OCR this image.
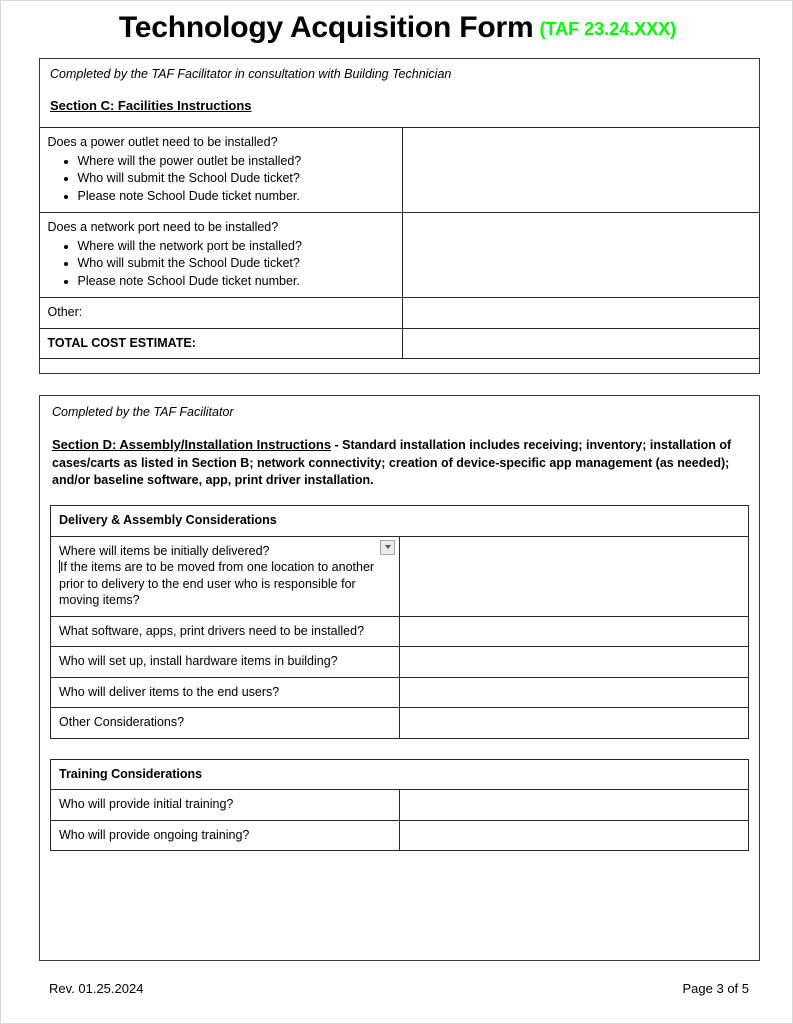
Technology Acquisition Form (TAF 23.24.XXX)
Completed by the TAF Facilitator in consultation with Building Technician
Section C: Facilities Instructions
Does a power outlet need to be installed?
• Where will the power outlet be installed?
• Who will submit the School Dude ticket?
• Please note School Dude ticket number.

Does a network port need to be installed?
• Where will the network port be installed?
• Who will submit the School Dude ticket?
• Please note School Dude ticket number.

Other:	
TOTAL COST ESTIMATE:	
Completed by the TAF Facilitator
Section D: Assembly/Installation Instructions - Standard installation includes receiving; inventory; installation of cases/carts as listed in Section B; network connectivity; creation of device-specific app management (as needed); and/or baseline software, app, print driver installation.
Delivery & Assembly Considerations	

Where will items be initially delivered?
If the items are to be moved from one location to another prior to delivery to the end user who is responsible for moving items?	

What software, apps, print drivers need to be installed?	
Who will set up, install hardware items in building?	
Who will deliver items to the end users?	
Other Considerations?	
Training Considerations	
Who will provide initial training?	
Who will provide ongoing training?	
Rev. 01.25.2024	Page 3 of 5
